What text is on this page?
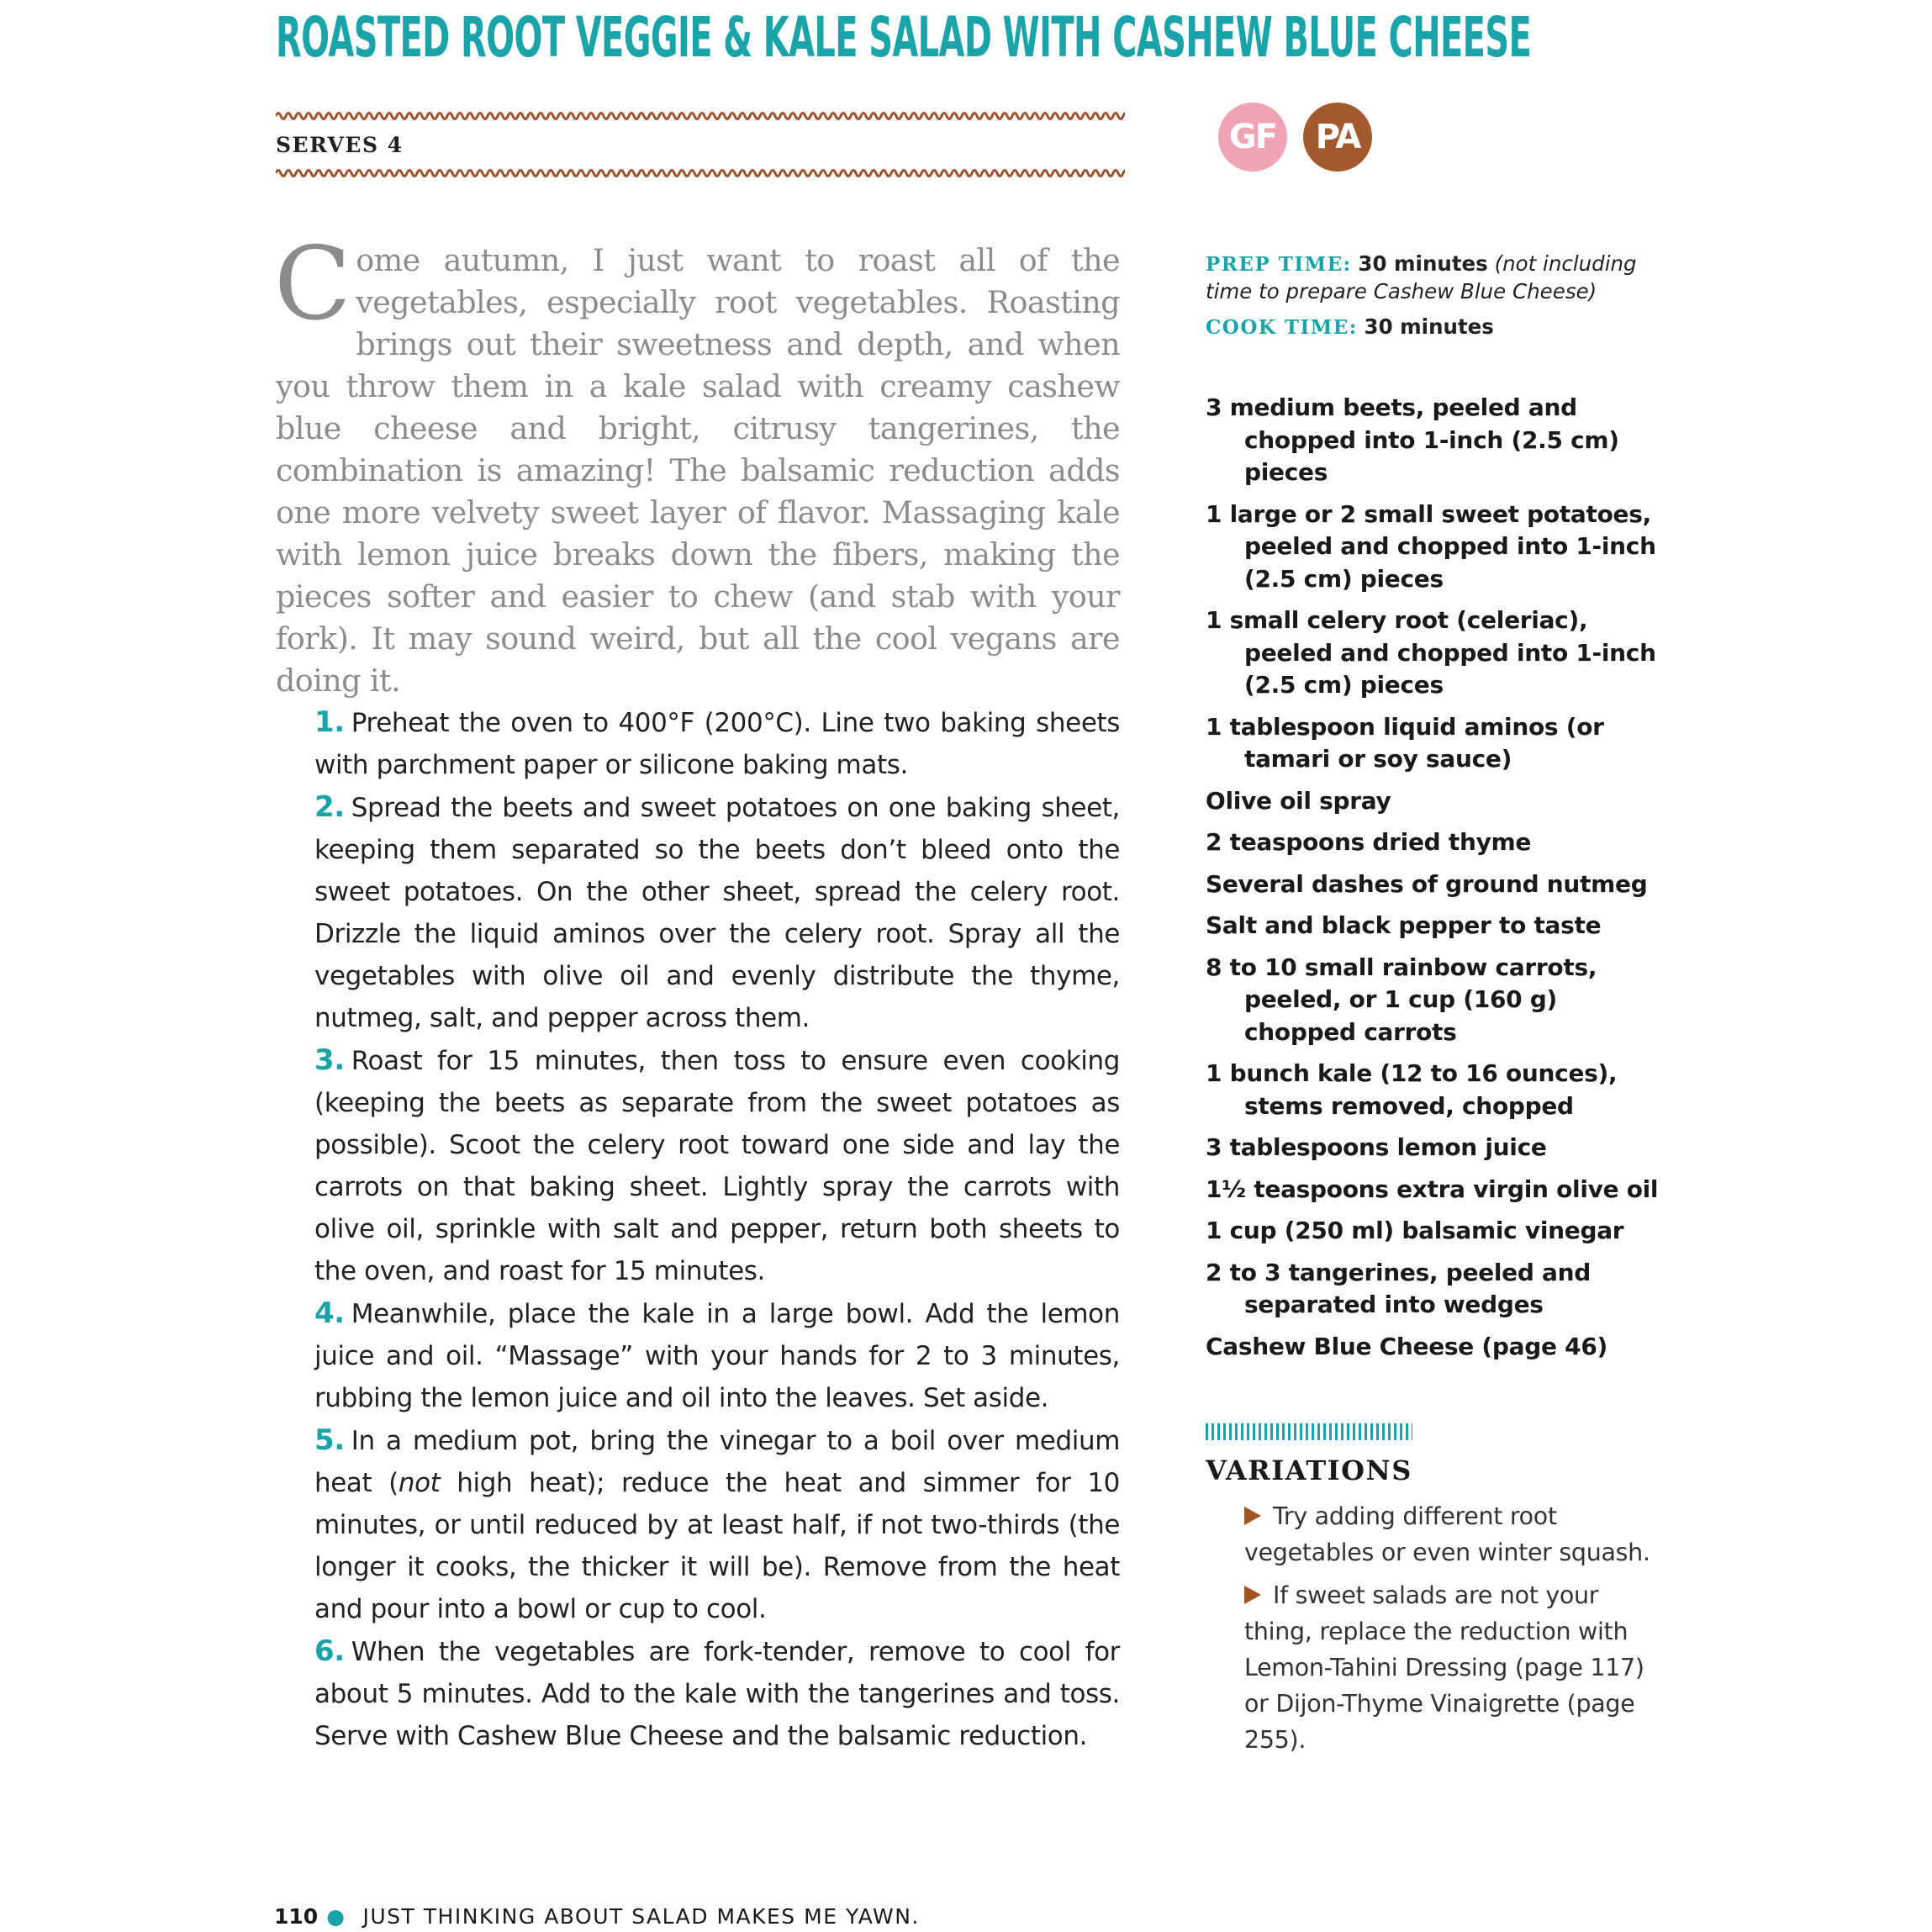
ROASTED ROOT VEGGIE & KALE SALAD WITH CASHEW BLUE CHEESE
SERVES 4	GF	PA

Come autumn, I just want to roast all of the vegetables, especially root vegetables. Roasting brings out their sweetness and depth, and when you throw them in a kale salad with creamy cashew blue cheese and bright, citrusy tangerines, the combination is amazing! The balsamic reduction adds one more velvety sweet layer of flavor. Massaging kale with lemon juice breaks down the fibers, making the pieces softer and easier to chew (and stab with your fork). It may sound weird, but all the cool vegans are doing it.

1. Preheat the oven to 400°F (200°C). Line two baking sheets with parchment paper or silicone baking mats.

2. Spread the beets and sweet potatoes on one baking sheet, keeping them separated so the beets don’t bleed onto the sweet potatoes. On the other sheet, spread the celery root. Drizzle the liquid aminos over the celery root. Spray all the vegetables with olive oil and evenly distribute the thyme, nutmeg, salt, and pepper across them.

3. Roast for 15 minutes, then toss to ensure even cooking (keeping the beets as separate from the sweet potatoes as possible). Scoot the celery root toward one side and lay the carrots on that baking sheet. Lightly spray the carrots with olive oil, sprinkle with salt and pepper, return both sheets to the oven, and roast for 15 minutes.

4. Meanwhile, place the kale in a large bowl. Add the lemon juice and oil. “Massage” with your hands for 2 to 3 minutes, rubbing the lemon juice and oil into the leaves. Set aside.

5. In a medium pot, bring the vinegar to a boil over medium heat (not high heat); reduce the heat and simmer for 10 minutes, or until reduced by at least half, if not two-thirds (the longer it cooks, the thicker it will be). Remove from the heat and pour into a bowl or cup to cool.

6. When the vegetables are fork-tender, remove to cool for about 5 minutes. Add to the kale with the tangerines and toss. Serve with Cashew Blue Cheese and the balsamic reduction.

PREP TIME: 30 minutes (not including time to prepare Cashew Blue Cheese)
COOK TIME: 30 minutes
3 medium beets, peeled and chopped into 1-inch (2.5 cm) pieces
1 large or 2 small sweet potatoes, peeled and chopped into 1-inch (2.5 cm) pieces
1 small celery root (celeriac), peeled and chopped into 1-inch (2.5 cm) pieces
1 tablespoon liquid aminos (or tamari or soy sauce)
Olive oil spray
2 teaspoons dried thyme
Several dashes of ground nutmeg
Salt and black pepper to taste
8 to 10 small rainbow carrots, peeled, or 1 cup (160 g) chopped carrots
1 bunch kale (12 to 16 ounces), stems removed, chopped
3 tablespoons lemon juice
1½ teaspoons extra virgin olive oil
1 cup (250 ml) balsamic vinegar
2 to 3 tangerines, peeled and separated into wedges
Cashew Blue Cheese (page 46)
VARIATIONS
Try adding different root vegetables or even winter squash.
If sweet salads are not your thing, replace the reduction with Lemon-Tahini Dressing (page 117) or Dijon-Thyme Vinaigrette (page 255).
110 ● JUST THINKING ABOUT SALAD MAKES ME YAWN.
